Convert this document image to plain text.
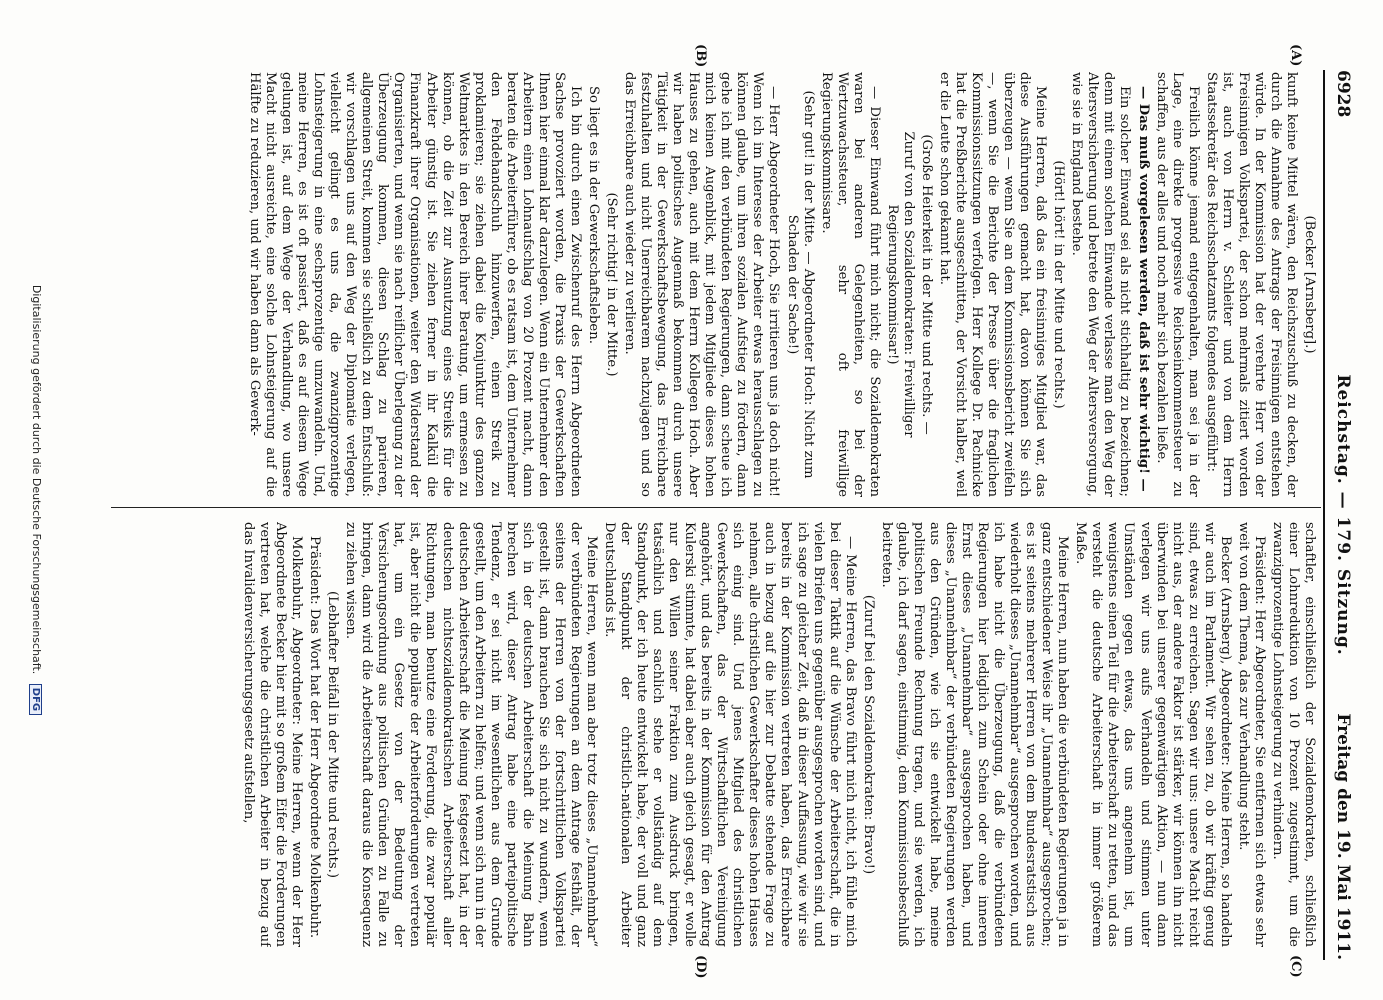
6928
Reichstag. — 179. Sitzung.
Freitag den 19. Mai 1911.
(A)
(B)
(C)
(D)

(Becker [Arnsberg].)

kunft keine Mittel wären, den Reichszuschuß zu decken, der durch die Annahme des Antrags der Freisinnigen entstehen würde. In der Kommission hat der verehrte Herr von der Freisinnigen Volkspartei, der schon mehrmals zitiert worden ist, auch von Herrn v. Schleiter und von dem Herrn Staatssekretär des Reichsschatzamts folgendes ausgeführt:

Freilich könne jemand entgegenhalten, man sei ja in der Lage, eine direkte progressive Reichseinkommensteuer zu schaffen, aus der alles und noch mehr sich bezahlen ließe.

— Das muß vorgelesen werden, daß ist sehr wichtig! —

Ein solcher Einwand sei als nicht stichhaltig zu bezeichnen; denn mit einem solchen Einwande verlasse man den Weg der Altersversicherung und betrete den Weg der Altersversorgung, wie sie in England bestehe.

(Hört! hört! in der Mitte und rechts.)

Meine Herren, daß das ein freisinniges Mitglied war, das diese Ausführungen gemacht hat, davon können Sie sich überzeugen — wenn Sie an dem Kommissionsbericht zweifeln —, wenn Sie die Berichte der Presse über die fraglichen Kommissionssitzungen verfolgen. Herr Kollege Dr. Pachnicke hat die Preßberichte ausgeschnitten, der Vorsicht halber, weil er die Leute schon gekannt hat.

(Große Heiterkeit in der Mitte und rechts. —

Zuruf von den Sozialdemokraten: Freiwilliger Regierungskommissar!)

— Dieser Einwand führt mich nicht; die Sozialdemokraten waren bei anderen Gelegenheiten, so bei der Wertzuwachssteuer, sehr oft freiwillige Regierungskommissare.

(Sehr gut! in der Mitte. — Abgeordneter Hoch: Nicht zum Schaden der Sache!)

— Herr Abgeordneter Hoch, Sie irritieren uns ja doch nicht! Wenn ich im Interesse der Arbeiter etwas herausschlagen zu können glaube, um ihren sozialen Aufstieg zu fördern, dann gehe ich mit den verbündeten Regierungen, dann scheue ich mich keinen Augenblick, mit jedem Mitgliede dieses hohen Hauses zu gehen, auch mit dem Herrn Kollegen Hoch. Aber wir haben politisches Augenmaß bekommen durch unsere Tätigkeit in der Gewerkschaftsbewegung, das Erreichbare festzuhalten und nicht Unerreichbarem nachzujagen und so das Erreichbare auch wieder zu verlieren.

(Sehr richtig! in der Mitte.)

So liegt es in der Gewerkschaftsleben.

Ich bin durch einen Zwischenruf des Herrn Abgeordneten Sachse provoziert worden, die Praxis der Gewerkschaften Ihnen hier einmal klar darzulegen. Wenn ein Unternehmer den Arbeitern einen Lohnaufschlag von 20 Prozent macht, dann beraten die Arbeiterführer, ob es ratsam ist, dem Unternehmer den Fehdehandschuh hinzuwerfen, einen Streik zu proklamieren; sie ziehen dabei die Konjunktur des ganzen Weltmarktes in den Bereich ihrer Beratung, um ermessen zu können, ob die Zeit zur Ausnutzung eines Streiks für die Arbeiter günstig ist. Sie ziehen ferner in ihr Kalkül die Finanzkraft ihrer Organisationen, weiter den Widerstand der Organisierten, und wenn sie nach reiflicher Überlegung zu der Überzeugung kommen, diesen Schlag zu parieren, allgemeinen Streit, kommen sie schließlich zu dem Entschluß: wir vorschlagen uns auf den Weg der Diplomatie verlegen, vielleicht gelingt es uns da, die zwanzigprozentige Lohnsteigerung in eine sechsprozentige umzuwandeln. Und, meine Herren, es ist oft passiert, daß es auf diesem Wege gelungen ist, auf dem Wege der Verhandlung, wo unsere Macht nicht ausreichte, eine solche Lohnsteigerung auf die Hälfte zu reduzieren, und wir haben dann als Gewerk-

schaftler, einschließlich der Sozialdemokraten, schließlich einer Lohnreduktion von 10 Prozent zugestimmt, um die zwanzigprozentige Lohnsteigerung zu verhindern.

Präsident: Herr Abgeordneter, Sie entfernen sich etwas sehr weit von dem Thema, das zur Verhandlung steht.

Becker (Arnsberg), Abgeordneter: Meine Herren, so handeln wir auch im Parlament. Wir sehen zu, ob wir kräftig genug sind, etwas zu erreichen. Sagen wir uns: unsere Macht reicht nicht aus, der andere Faktor ist stärker, wir können ihn nicht überwinden bei unserer gegenwärtigen Aktion, — nun dann verlegen wir uns aufs Verhandeln und stimmen unter Umständen gegen etwas, das uns angenehm ist, um wenigstens einen Teil für die Arbeiterschaft zu retten, und das versteht die deutsche Arbeiterschaft in immer größerem Maße.

Meine Herren, nun haben die verbündeten Regierungen ja in ganz entschiedener Weise ihr „Unannehmbar“ ausgesprochen; es ist seitens mehrerer Herren von dem Bundesratstisch aus wiederholt dieses „Unannehmbar“ ausgesprochen worden, und ich habe nicht die Überzeugung, daß die verbündeten Regierungen hier lediglich zum Schein oder ohne inneren Ernst dieses „Unannehmbar“ ausgesprochen haben, und dieses „Unannehmbar“ der verbündeten Regierungen werden aus den Gründen, wie ich sie entwickelt habe, meine politischen Freunde Rechnung tragen, und sie werden, ich glaube, ich darf sagen, einstimmig, dem Kommissionsbeschluß beitreten.

(Zuruf bei den Sozialdemokraten: Bravo!)

— Meine Herren, das Bravo führt mich nicht, ich fühle mich bei dieser Taktik auf die Wünsche der Arbeiterschaft, die in vielen Briefen uns gegenüber ausgesprochen worden sind, und ich sage zu gleicher Zeit, daß in dieser Auffassung, wie wir sie bereits in der Kommission vertreten haben, das Erreichbare auch in bezug auf die hier zur Debatte stehende Frage zu nehmen, alle christlichen Gewerkschafter dieses hohen Hauses sich einig sind. Und jenes Mitglied des christlichen Gewerkschaften, das der Wirtschaftlichen Vereinigung angehört, und das bereits in der Kommission für den Antrag Kulerski stimmte, hat dabei aber auch gleich gesagt, er wolle nur den Willen seiner Fraktion zum Ausdruck bringen, tatsächlich und sachlich stehe er vollständig auf dem Standpunkt, der ich heute entwickelt habe, der voll und ganz der Standpunkt der christlich-nationalen Arbeiter Deutschlands ist.

Meine Herren, wenn man aber trotz dieses „Unannehmbar“ der verbündeten Regierungen an dem Antrage festhält, der seitens der Herren von der fortschrittlichen Volkspartei gestellt ist, dann brauchen Sie sich nicht zu wundern, wenn sich in der deutschen Arbeiterschaft die Meinung Bahn brechen wird, dieser Antrag habe eine parteipolitische Tendenz, er sei nicht im wesentlichen aus dem Grunde gestellt, um den Arbeitern zu helfen; und wenn sich nun in der deutschen Arbeiterschaft die Meinung festgesetzt hat, in der deutschen nichtsozialdemokratischen Arbeiterschaft aller Richtungen, man benutze eine Forderung, die zwar populär ist, aber nicht die populäre der Arbeiterforderungen vertreten hat, um ein Gesetz von der Bedeutung der Versicherungsordnung aus politischen Gründen zu Falle zu bringen, dann wird die Arbeiterschaft daraus die Konsequenz zu ziehen wissen.

(Lebhafter Beifall in der Mitte und rechts.)

Präsident: Das Wort hat der Herr Abgeordnete Molkenbuhr.

Molkenbuhr, Abgeordneter: Meine Herren, wenn der Herr Abgeordnete Becker hier mit so großem Eifer die Forderungen vertreten hat, welche die christlichen Arbeiter in bezug auf das Invalidenversicherungsgesetz aufstellen,

Digitalisierung gefördert durch die Deutsche Forschungsgemeinschaft. DFG
